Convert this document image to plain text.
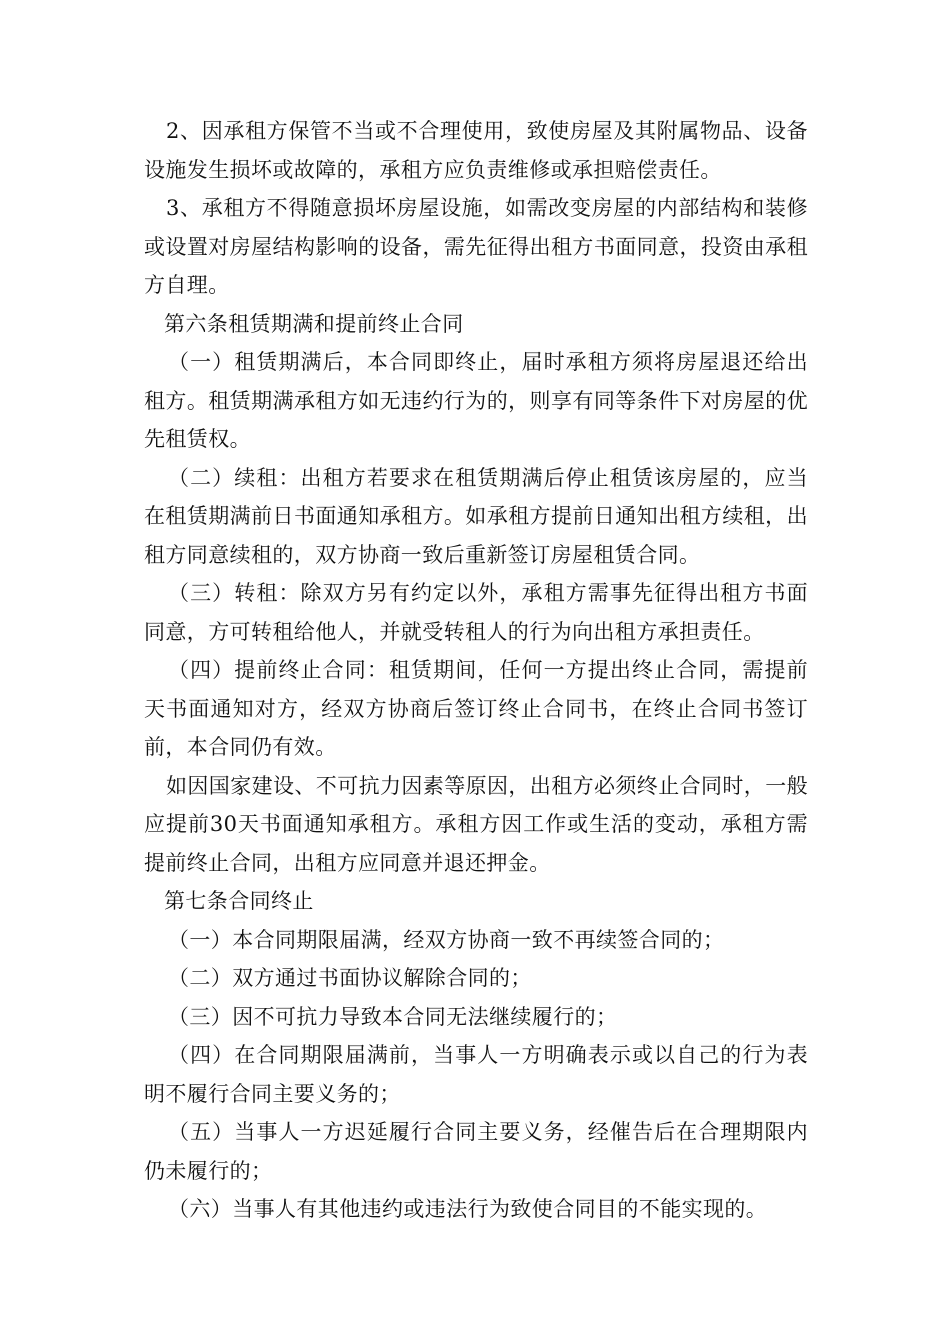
2、因承租方保管不当或不合理使用，致使房屋及其附属物品、设备设施发生损坏或故障的，承租方应负责维修或承担赔偿责任。

3、承租方不得随意损坏房屋设施，如需改变房屋的内部结构和装修或设置对房屋结构影响的设备，需先征得出租方书面同意，投资由承租方自理。

第六条租赁期满和提前终止合同

（一）租赁期满后，本合同即终止，届时承租方须将房屋退还给出租方。租赁期满承租方如无违约行为的，则享有同等条件下对房屋的优先租赁权。

（二）续租：出租方若要求在租赁期满后停止租赁该房屋的，应当在租赁期满前日书面通知承租方。如承租方提前日通知出租方续租，出租方同意续租的，双方协商一致后重新签订房屋租赁合同。

（三）转租：除双方另有约定以外，承租方需事先征得出租方书面同意，方可转租给他人，并就受转租人的行为向出租方承担责任。

（四）提前终止合同：租赁期间，任何一方提出终止合同，需提前天书面通知对方，经双方协商后签订终止合同书，在终止合同书签订前，本合同仍有效。

如因国家建设、不可抗力因素等原因，出租方必须终止合同时，一般应提前30天书面通知承租方。承租方因工作或生活的变动，承租方需提前终止合同，出租方应同意并退还押金。

第七条合同终止

（一）本合同期限届满，经双方协商一致不再续签合同的；

（二）双方通过书面协议解除合同的；

（三）因不可抗力导致本合同无法继续履行的；

（四）在合同期限届满前，当事人一方明确表示或以自己的行为表明不履行合同主要义务的；

（五）当事人一方迟延履行合同主要义务，经催告后在合理期限内仍未履行的；

（六）当事人有其他违约或违法行为致使合同目的不能实现的。
